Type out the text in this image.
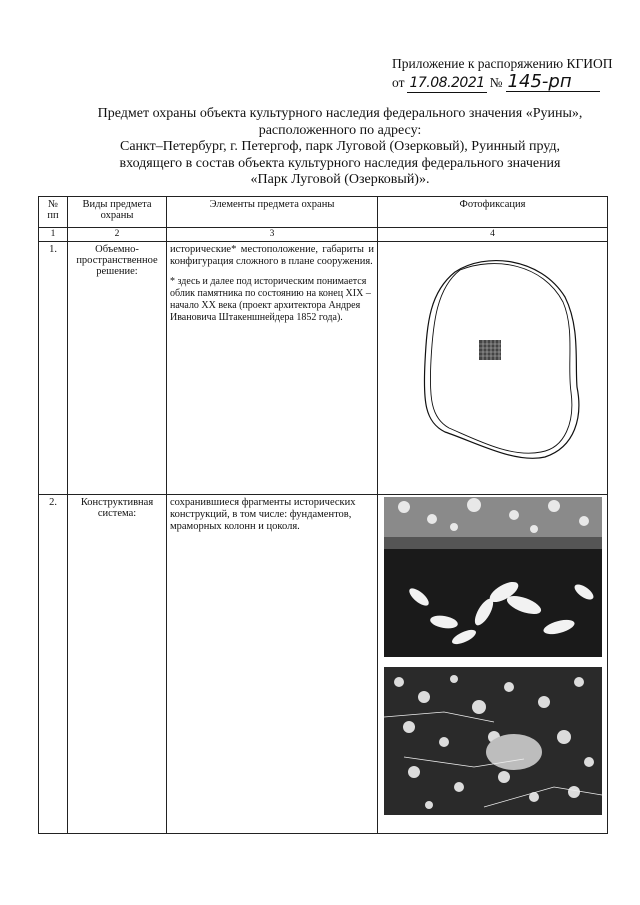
Приложение к распоряжению КГИОП
от 17.08.2021 № 145-рп
Предмет охраны объекта культурного наследия федерального значения «Руины»,
расположенного по адресу:
Санкт–Петербург, г. Петергоф, парк Луговой (Озерковый), Руинный пруд,
входящего в состав объекта культурного наследия федерального значения
«Парк Луговой (Озерковый)».
№ пп	Виды предмета охраны	Элементы предмета охраны	Фотофиксация
1	2	3	4
1.	Объемно-пространственное решение:	исторические* местоположение, габариты и конфигурация сложного в плане сооружения.

* здесь и далее под историческим понимается облик памятника по состоянию на конец XIX – начало XX века (проект архитектора Андрея Ивановича Штакеншнейдера 1852 года).

2.	Конструктивная система:	сохранившиеся фрагменты исторических конструкций, в том числе: фундаментов, мраморных колонн и цоколя.
